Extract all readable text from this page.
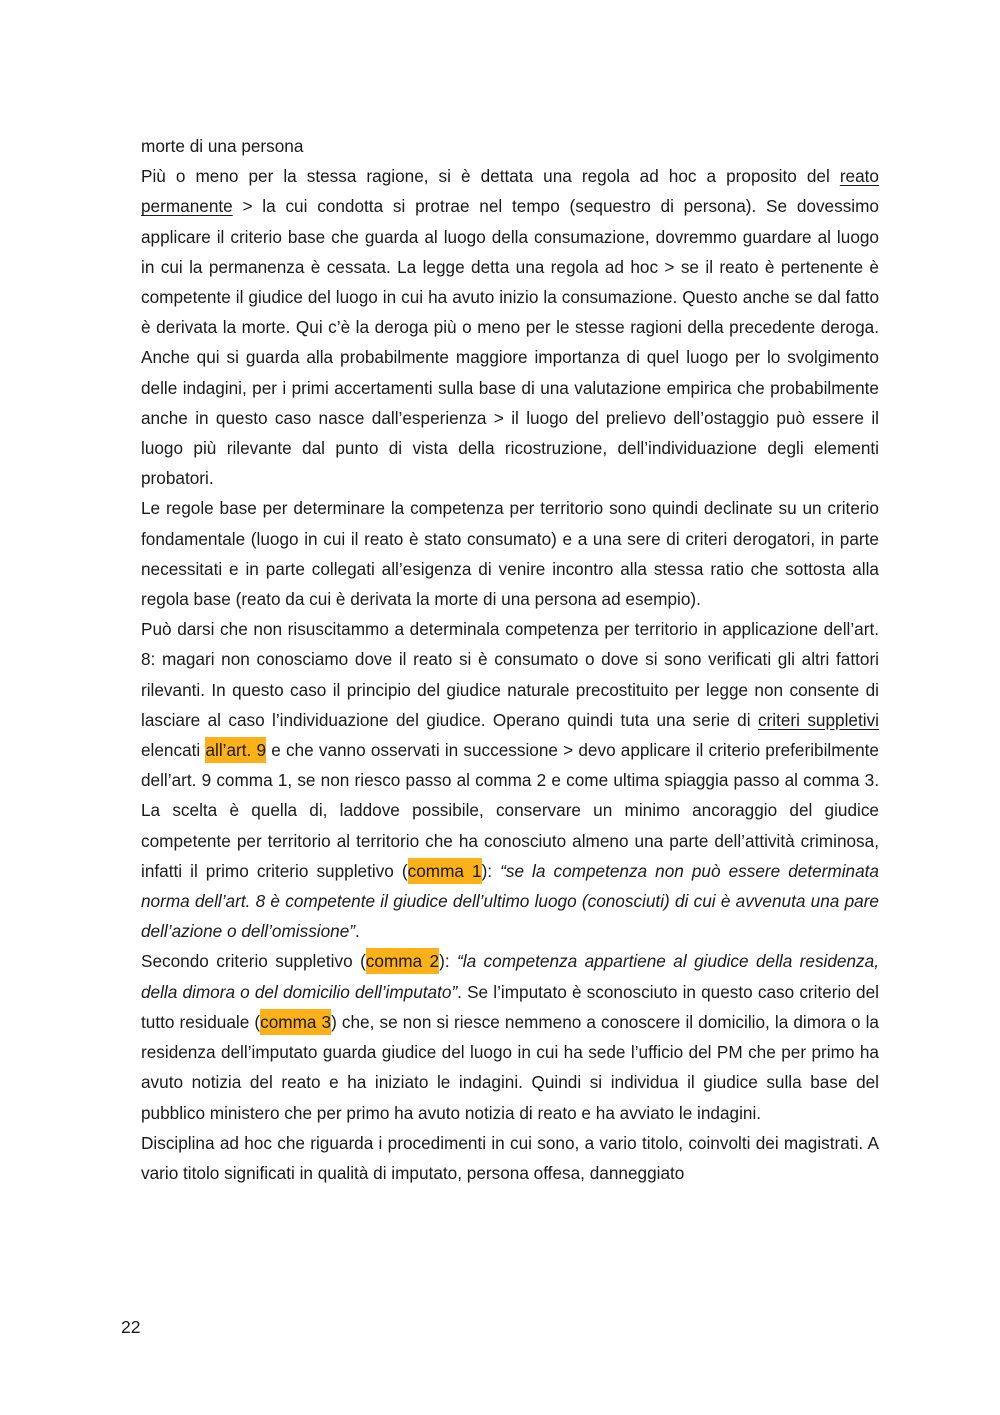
morte di una persona

Più o meno per la stessa ragione, si è dettata una regola ad hoc a proposito del reato permanente > la cui condotta si protrae nel tempo (sequestro di persona). Se dovessimo applicare il criterio base che guarda al luogo della consumazione, dovremmo guardare al luogo in cui la permanenza è cessata. La legge detta una regola ad hoc > se il reato è pertenente è competente il giudice del luogo in cui ha avuto inizio la consumazione. Questo anche se dal fatto è derivata la morte. Qui c’è la deroga più o meno per le stesse ragioni della precedente deroga. Anche qui si guarda alla probabilmente maggiore importanza di quel luogo per lo svolgimento delle indagini, per i primi accertamenti sulla base di una valutazione empirica che probabilmente anche in questo caso nasce dall’esperienza > il luogo del prelievo dell’ostaggio può essere il luogo più rilevante dal punto di vista della ricostruzione, dell’individuazione degli elementi probatori.

Le regole base per determinare la competenza per territorio sono quindi declinate su un criterio fondamentale (luogo in cui il reato è stato consumato) e a una sere di criteri derogatori, in parte necessitati e in parte collegati all’esigenza di venire incontro alla stessa ratio che sottosta alla regola base (reato da cui è derivata la morte di una persona ad esempio).

Può darsi che non risuscitammo a determinala competenza per territorio in applicazione dell’art. 8: magari non conosciamo dove il reato si è consumato o dove si sono verificati gli altri fattori rilevanti. In questo caso il principio del giudice naturale precostituito per legge non consente di lasciare al caso l’individuazione del giudice. Operano quindi tuta una serie di criteri suppletivi elencati all’art. 9 e che vanno osservati in successione > devo applicare il criterio preferibilmente dell’art. 9 comma 1, se non riesco passo al comma 2 e come ultima spiaggia passo al comma 3. La scelta è quella di, laddove possibile, conservare un minimo ancoraggio del giudice competente per territorio al territorio che ha conosciuto almeno una parte dell’attività criminosa, infatti il primo criterio suppletivo (comma 1): “se la competenza non può essere determinata norma dell’art. 8 è competente il giudice dell’ultimo luogo (conosciuti) di cui è avvenuta una pare dell’azione o dell’omissione”.

Secondo criterio suppletivo (comma 2): “la competenza appartiene al giudice della residenza, della dimora o del domicilio dell’imputato”. Se l’imputato è sconosciuto in questo caso criterio del tutto residuale (comma 3) che, se non si riesce nemmeno a conoscere il domicilio, la dimora o la residenza dell’imputato guarda giudice del luogo in cui ha sede l’ufficio del PM che per primo ha avuto notizia del reato e ha iniziato le indagini. Quindi si individua il giudice sulla base del pubblico ministero che per primo ha avuto notizia di reato e ha avviato le indagini.

Disciplina ad hoc che riguarda i procedimenti in cui sono, a vario titolo, coinvolti dei magistrati. A vario titolo significati in qualità di imputato, persona offesa, danneggiato

22
